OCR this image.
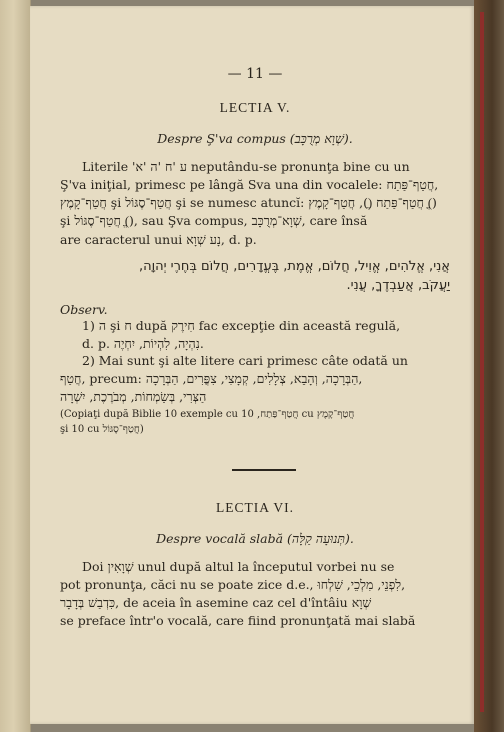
— 11 —
LECTIA V.
Despre Ş'va compus (שְׁוָא מְרֻכָּב).
Literile 'ע 'ח 'ה 'א neputându-se pronunţa bine cu un
Ş'va iniţial, primesc pe lângă Sva una din vocalele: חֲטַף־פַּתַח,
חֲטַף־קָמֶץ şi חֲטַף־סֶגּוֹל şi se numesc atuncĭ: חֲטַף־פַּתַח (ֲ), חֲטַף־קָמֶץ (ֳ)
şi חֲטַף־סֶגּוֹל (ֱ), sau Şva compus, שְׁוָא־מְרֻכָּב, care însă
are caracterul unui נָע שְׁוָא, d. p.
אֲנִי, אֱלֹהִים, אֱוִיל, חֲלוֹם, אֱמֶת, בֶּעֱדָרִים, חֲלוֹם בְּחֶרֶי יְהוָה,
יַעֲקֹב, אֲעַבְדֶךָ, עֲנִי.
Observ.
1) ה şi ח după חִירֶק fac excepţie din această regulă,
d. p. נִהְיָה, לִהְיוֹת, יִחְיֶה.
2) Mai sunt şi alte litere cari primesc câte odată un
חֲטַף, precum: הַבְּרָכָה, וְהָבֵא, צְלָלִים, קְמָצִי, צִפֳּרִים, הַבְּרָכָה,
הַצְּרִי, בְּשַׂמְחוֹת, מְבֹרֶכֶת, יִשְׁרָה
(Copiaţi după Biblie 10 exemple cu חֲטַף־פַּתַח, 10 cu חֲטַף־קָמֶץ
şi 10 cu חֲטַף־סֶגּוֹל)
LECTIA VI.
Despre vocală slabă (תְּנוּעָה קַלָּה).
Doi שְׁוָאִין unul după altul la începutul vorbei nu se
pot pronunţa, căci nu se poate zice d.e., לִפְנֵי, מִלְכֵי, שִׁלְחוּ,
כִּדְבַשׁ בְּדָבָר, de aceia în asemine caz cel d'întâiu שְׁוָא
se preface într'o vocală, care fiind pronunţată mai slabă
